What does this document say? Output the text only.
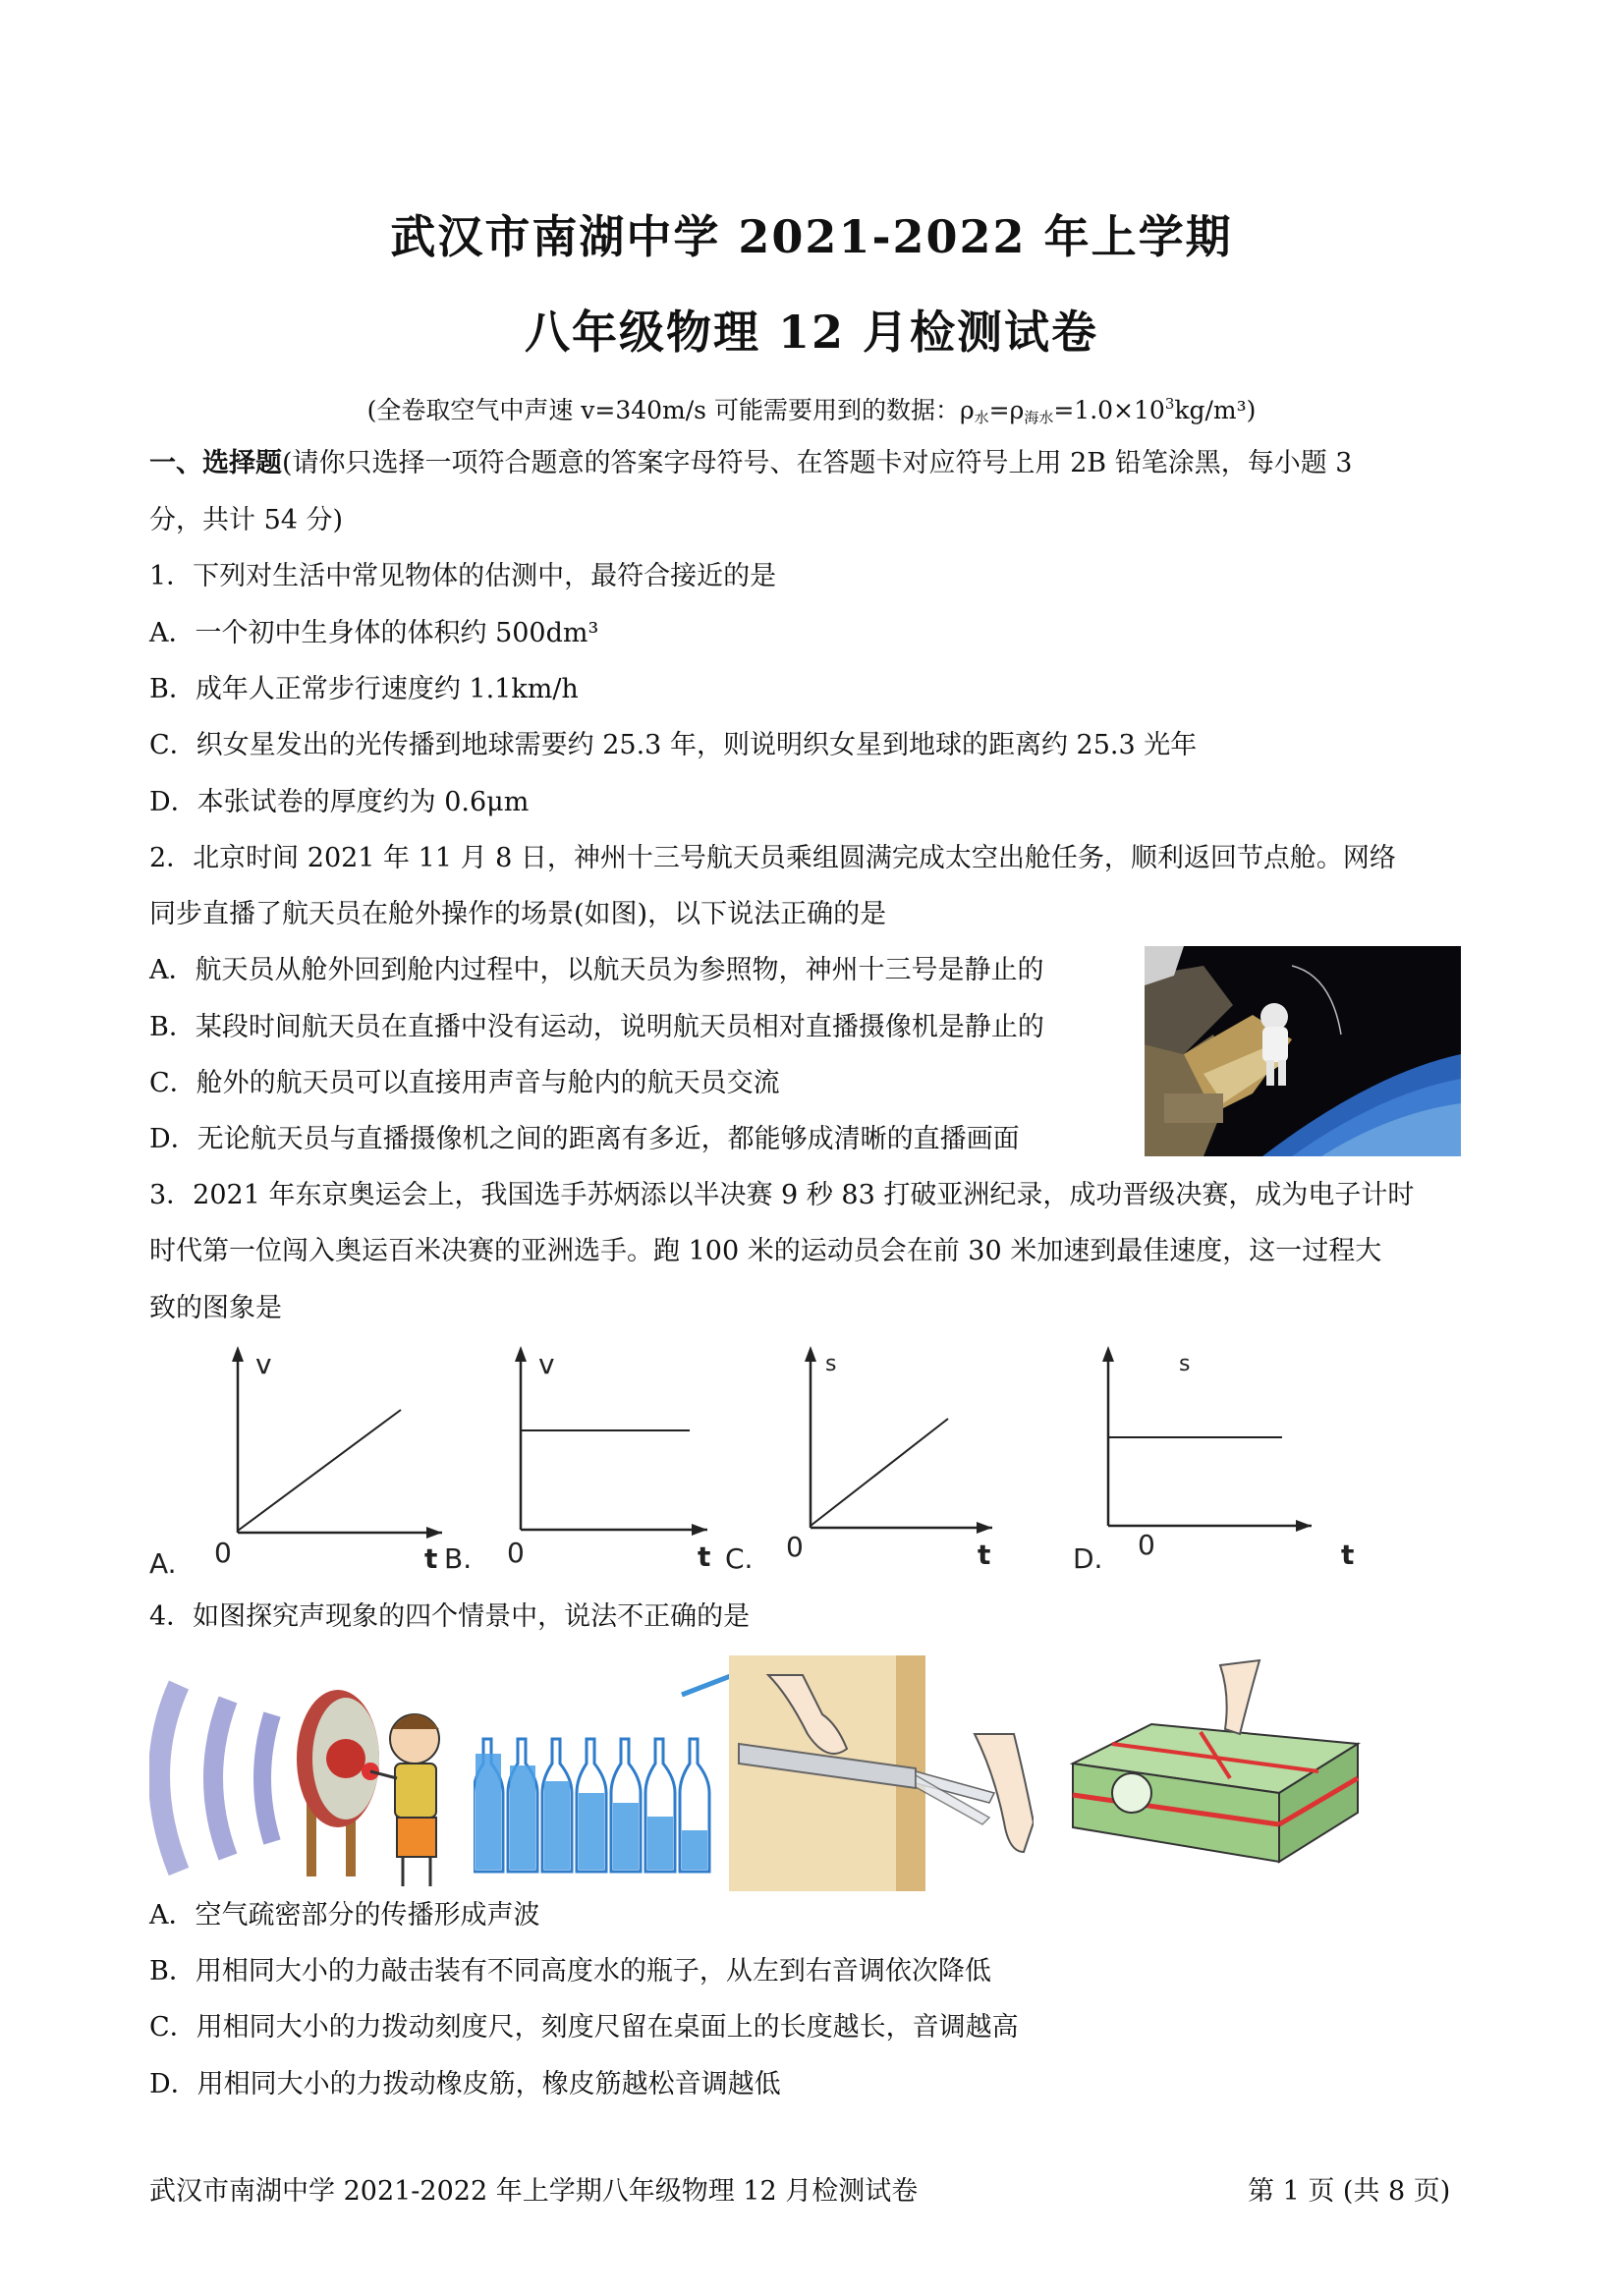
武汉市南湖中学 2021-2022 年上学期
八年级物理 12 月检测试卷
(全卷取空气中声速 v=340m/s 可能需要用到的数据：$\rho_水=\rho_{海水}=1.0\times 10^3kg/m^3$)
一、选择题(请你只选择一项符合题意的答案字母符号、在答题卡对应符号上用 2B 铅笔涂黑，每小题 3
分，共计 54 分)
1．下列对生活中常见物体的估测中，最符合接近的是
A．一个初中生身体的体积约 500dm³
B．成年人正常步行速度约 1.1km/h
C．织女星发出的光传播到地球需要约 25.3 年，则说明织女星到地球的距离约 25.3 光年
D．本张试卷的厚度约为 0.6μm
2．北京时间 2021 年 11 月 8 日，神州十三号航天员乘组圆满完成太空出舱任务，顺利返回节点舱。网络
同步直播了航天员在舱外操作的场景(如图)，以下说法正确的是
A．航天员从舱外回到舱内过程中，以航天员为参照物，神州十三号是静止的
B．某段时间航天员在直播中没有运动，说明航天员相对直播摄像机是静止的
C．舱外的航天员可以直接用声音与舱内的航天员交流
D．无论航天员与直播摄像机之间的距离有多近，都能够成清晰的直播画面
3．2021 年东京奥运会上，我国选手苏炳添以半决赛 9 秒 83 打破亚洲纪录，成功晋级决赛，成为电子计时
时代第一位闯入奥运百米决赛的亚洲选手。跑 100 米的运动员会在前 30 米加速到最佳速度，这一过程大
致的图象是
v
0	t
A.
v
0	t
B.
s
0	t
C.
s
0	t
D.
4．如图探究声现象的四个情景中，说法不正确的是
A．空气疏密部分的传播形成声波
B．用相同大小的力敲击装有不同高度水的瓶子，从左到右音调依次降低
C．用相同大小的力拨动刻度尺，刻度尺留在桌面上的长度越长，音调越高
D．用相同大小的力拨动橡皮筋，橡皮筋越松音调越低
武汉市南湖中学 2021-2022 年上学期八年级物理 12 月检测试卷	第 1 页 (共 8 页)
